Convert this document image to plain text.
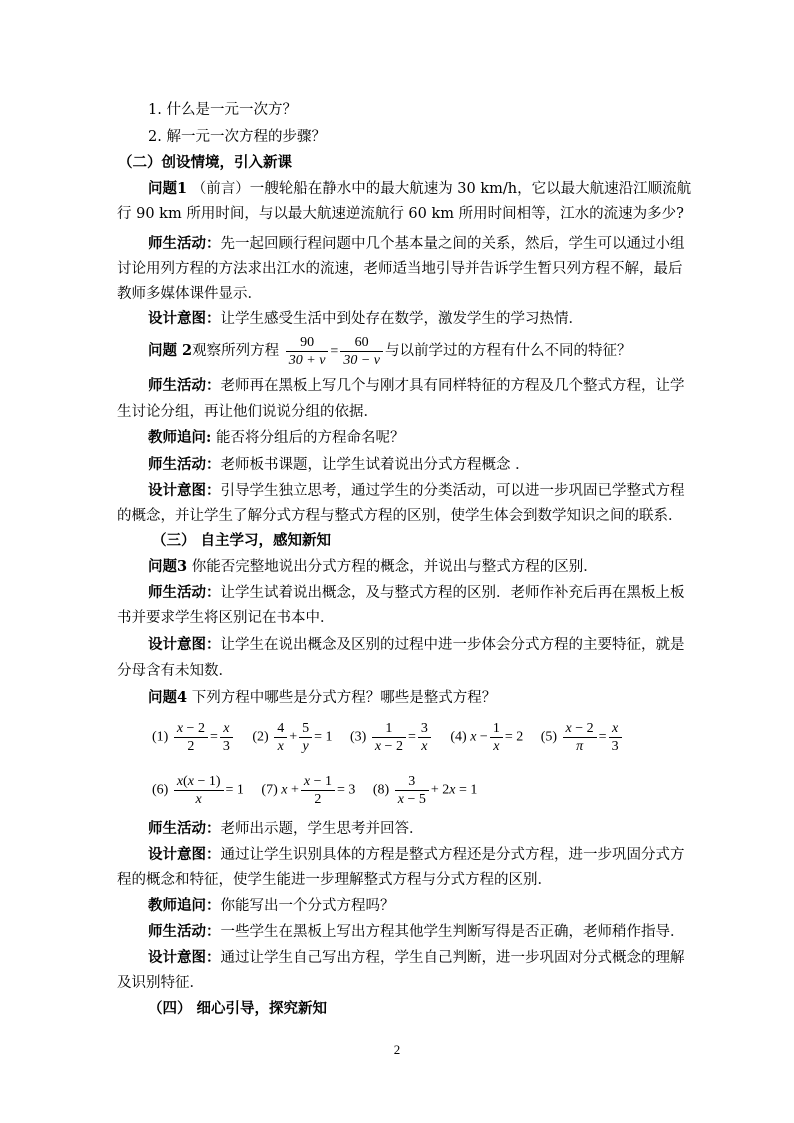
1. 什么是一元一次方？
2. 解一元一次方程的步骤？
（二）创设情境，引入新课
问题1 （前言）一艘轮船在静水中的最大航速为 30 km/h，它以最大航速沿江顺流航
行 90 km 所用时间，与以最大航速逆流航行 60 km 所用时间相等，江水的流速为多少?
师生活动：先一起回顾行程问题中几个基本量之间的关系，然后，学生可以通过小组
讨论用列方程的方法求出江水的流速，老师适当地引导并告诉学生暂只列方程不解，最后
教师多媒体课件显示．
设计意图：让学生感受生活中到处存在数学，激发学生的学习热情．
问题 2观察所列方程 $\frac{90}{30 + v} = \frac{60}{30 - v}$ 与以前学过的方程有什么不同的特征？
师生活动：老师再在黑板上写几个与刚才具有同样特征的方程及几个整式方程，让学
生讨论分组，再让他们说说分组的依据．
教师追问: 能否将分组后的方程命名呢？
师生活动：老师板书课题，让学生试着说出分式方程概念 ．
设计意图：引导学生独立思考，通过学生的分类活动，可以进一步巩固已学整式方程
的概念，并让学生了解分式方程与整式方程的区别，使学生体会到数学知识之间的联系．
（三） 自主学习，感知新知
问题3 你能否完整地说出分式方程的概念，并说出与整式方程的区别．
师生活动：让学生试着说出概念，及与整式方程的区别．老师作补充后再在黑板上板
书并要求学生将区别记在书本中．
设计意图：让学生在说出概念及区别的过程中进一步体会分式方程的主要特征，就是
分母含有未知数．
问题4 下列方程中哪些是分式方程？哪些是整式方程？
$(1) \frac{x - 2}{2} = \frac{x}{3} (2) \frac{4}{x} + \frac{5}{y} = 1$ $(3) \frac{1}{x - 2} = \frac{3}{x} (4) x - \frac{1}{x} = 2$ $(5) \frac{x - 2}{\pi} = \frac{x}{3}$
$(6) \frac{x(x - 1)}{x} = 1$ (7) $x + \frac{x - 1}{2} = 3$ $(8) \frac{3}{x - 5} + 2x = 1$
师生活动：老师出示题，学生思考并回答．
设计意图：通过让学生识别具体的方程是整式方程还是分式方程，进一步巩固分式方
程的概念和特征，使学生能进一步理解整式方程与分式方程的区别．
教师追问：你能写出一个分式方程吗？
师生活动：一些学生在黑板上写出方程其他学生判断写得是否正确，老师稍作指导．
设计意图：通过让学生自己写出方程，学生自己判断，进一步巩固对分式概念的理解
及识别特征．
（四） 细心引导，探究新知
2
